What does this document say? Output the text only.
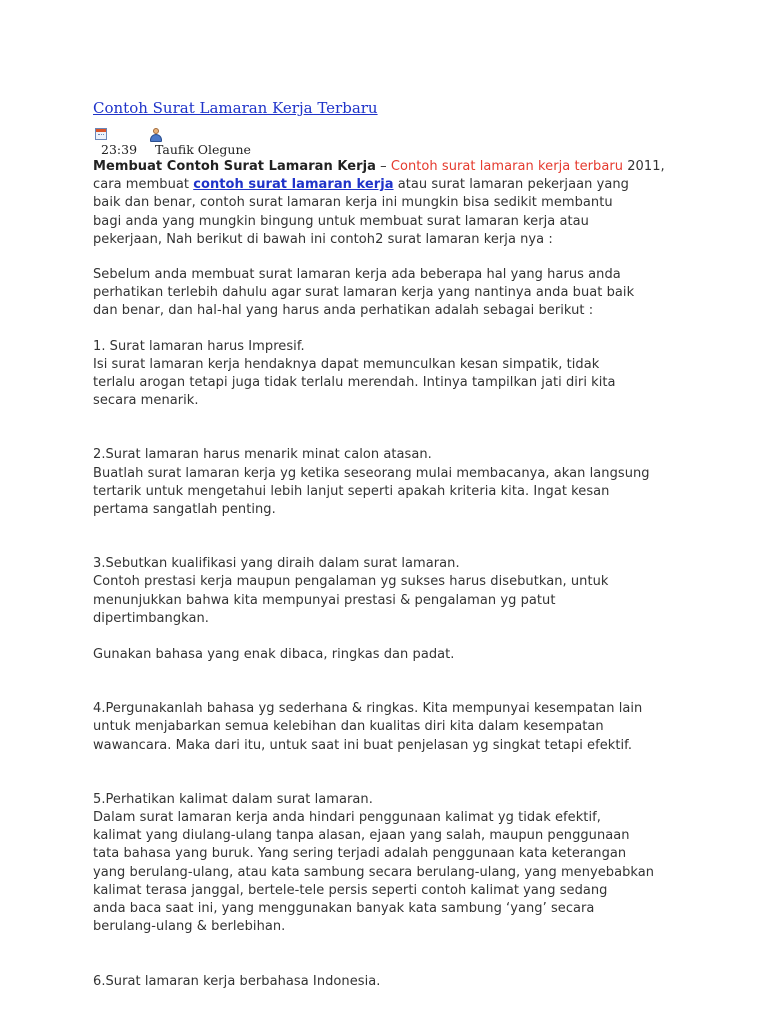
Contoh Surat Lamaran Kerja Terbaru
23:39 Taufik Olegune

Membuat Contoh Surat Lamaran Kerja – Contoh surat lamaran kerja terbaru 2011,
cara membuat contoh surat lamaran kerja atau surat lamaran pekerjaan yang
baik dan benar, contoh surat lamaran kerja ini mungkin bisa sedikit membantu
bagi anda yang mungkin bingung untuk membuat surat lamaran kerja atau
pekerjaan, Nah berikut di bawah ini contoh2 surat lamaran kerja nya :

Sebelum anda membuat surat lamaran kerja ada beberapa hal yang harus anda
perhatikan terlebih dahulu agar surat lamaran kerja yang nantinya anda buat baik
dan benar, dan hal-hal yang harus anda perhatikan adalah sebagai berikut :

1. Surat lamaran harus Impresif.
Isi surat lamaran kerja hendaknya dapat memunculkan kesan simpatik, tidak
terlalu arogan tetapi juga tidak terlalu merendah. Intinya tampilkan jati diri kita
secara menarik.

2.Surat lamaran harus menarik minat calon atasan.
Buatlah surat lamaran kerja yg ketika seseorang mulai membacanya, akan langsung
tertarik untuk mengetahui lebih lanjut seperti apakah kriteria kita. Ingat kesan
pertama sangatlah penting.

3.Sebutkan kualifikasi yang diraih dalam surat lamaran.
Contoh prestasi kerja maupun pengalaman yg sukses harus disebutkan, untuk
menunjukkan bahwa kita mempunyai prestasi & pengalaman yg patut
dipertimbangkan.

Gunakan bahasa yang enak dibaca, ringkas dan padat.

4.Pergunakanlah bahasa yg sederhana & ringkas. Kita mempunyai kesempatan lain
untuk menjabarkan semua kelebihan dan kualitas diri kita dalam kesempatan
wawancara. Maka dari itu, untuk saat ini buat penjelasan yg singkat tetapi efektif.

5.Perhatikan kalimat dalam surat lamaran.
Dalam surat lamaran kerja anda hindari penggunaan kalimat yg tidak efektif,
kalimat yang diulang-ulang tanpa alasan, ejaan yang salah, maupun penggunaan
tata bahasa yang buruk. Yang sering terjadi adalah penggunaan kata keterangan
yang berulang-ulang, atau kata sambung secara berulang-ulang, yang menyebabkan
kalimat terasa janggal, bertele-tele persis seperti contoh kalimat yang sedang
anda baca saat ini, yang menggunakan banyak kata sambung ‘yang’ secara
berulang-ulang & berlebihan.

6.Surat lamaran kerja berbahasa Indonesia.
